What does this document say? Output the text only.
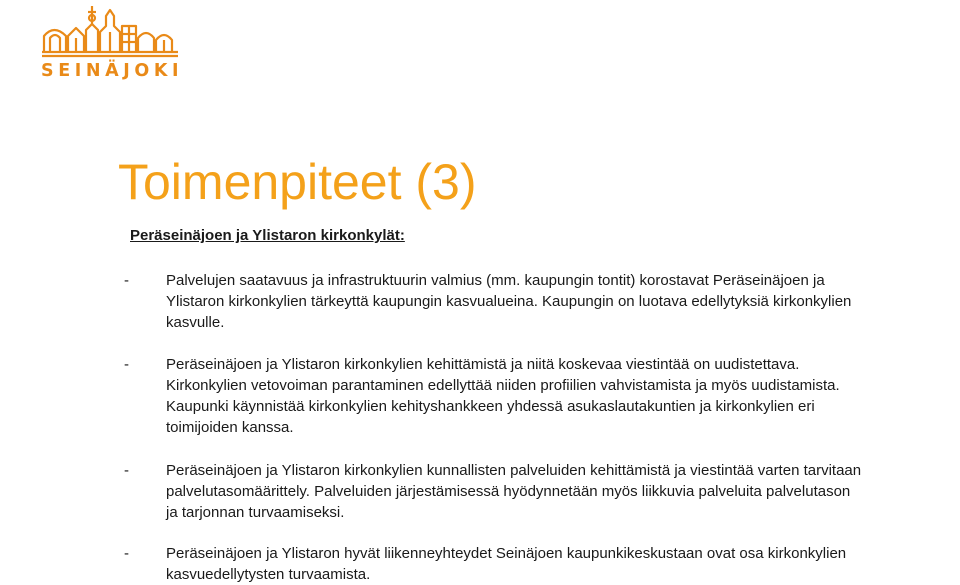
SEINÄJOKI
Toimenpiteet (3)
Peräseinäjoen ja Ylistaron kirkonkylät:
- Palvelujen saatavuus ja infrastruktuurin valmius (mm. kaupungin tontit) korostavat Peräseinäjoen ja
Ylistaron kirkonkylien tärkeyttä kaupungin kasvualueina. Kaupungin on luotava edellytyksiä kirkonkylien
kasvulle.
- Peräseinäjoen ja Ylistaron kirkonkylien kehittämistä ja niitä koskevaa viestintää on uudistettava.
Kirkonkylien vetovoiman parantaminen edellyttää niiden profiilien vahvistamista ja myös uudistamista.
Kaupunki käynnistää kirkonkylien kehityshankkeen yhdessä asukaslautakuntien ja kirkonkylien eri
toimijoiden kanssa.
- Peräseinäjoen ja Ylistaron kirkonkylien kunnallisten palveluiden kehittämistä ja viestintää varten tarvitaan
palvelutasomäärittely. Palveluiden järjestämisessä hyödynnetään myös liikkuvia palveluita palvelutason
ja tarjonnan turvaamiseksi.
- Peräseinäjoen ja Ylistaron hyvät liikenneyhteydet Seinäjoen kaupunkikeskustaan ovat osa kirkonkylien
kasvuedellytysten turvaamista.
